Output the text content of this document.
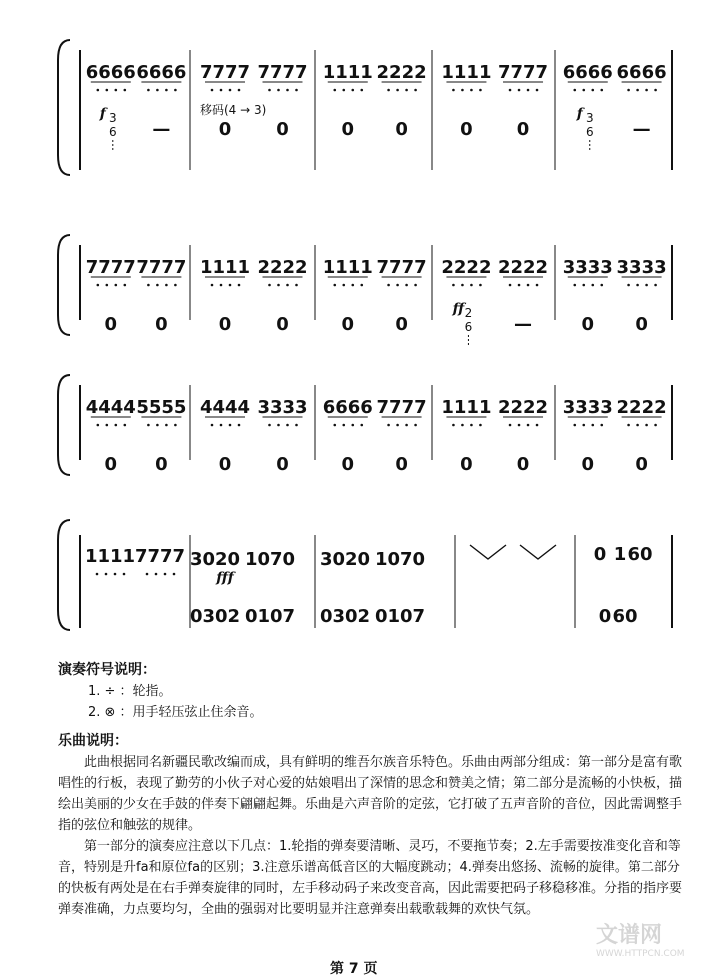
6666 6666
f 3
6 —
7777 7777
0 0
1111 2222
0 0
1111 7777
0 0
6666 6666
f 3
6 —
7777 7777
0 0
1111 2222
0 0
1111 7777
0 0
2222 2222
ff 2
6 —
3333 3333
0 0
4444 5555
0 0
4444 3333
0 0
6666 7777
0 0
1111 2222
0 0
3333 2222
0 0
移码(4 → 3)
1111 7777 3020 1070
0302 0107
3020 1070
0302 0107
fff
0 1 60
0 60
演奏符号说明：
1. ÷ ：轮指。
2. ⊗ ：用手轻压弦止住余音。
乐曲说明：

此曲根据同名新疆民歌改编而成，具有鲜明的维吾尔族音乐特色。乐曲由两部分组成：第一部分是富有歌唱性的行板，表现了勤劳的小伙子对心爱的姑娘唱出了深情的思念和赞美之情；第二部分是流畅的小快板，描绘出美丽的少女在手鼓的伴奏下翩翩起舞。乐曲是六声音阶的定弦，它打破了五声音阶的音位，因此需调整手指的弦位和触弦的规律。

第一部分的演奏应注意以下几点：1.轮指的弹奏要清晰、灵巧，不要拖节奏；2.左手需要按准变化音和等音，特别是升fa和原位fa的区别；3.注意乐谱高低音区的大幅度跳动；4.弹奏出悠扬、流畅的旋律。第二部分的快板有两处是在右手弹奏旋律的同时，左手移动码子来改变音高，因此需要把码子移稳移准。分指的指序要弹奏准确，力点要均匀，全曲的强弱对比要明显并注意弹奏出载歌载舞的欢快气氛。

文谱网
WWW.HTTPCN.COM
第 7 页
